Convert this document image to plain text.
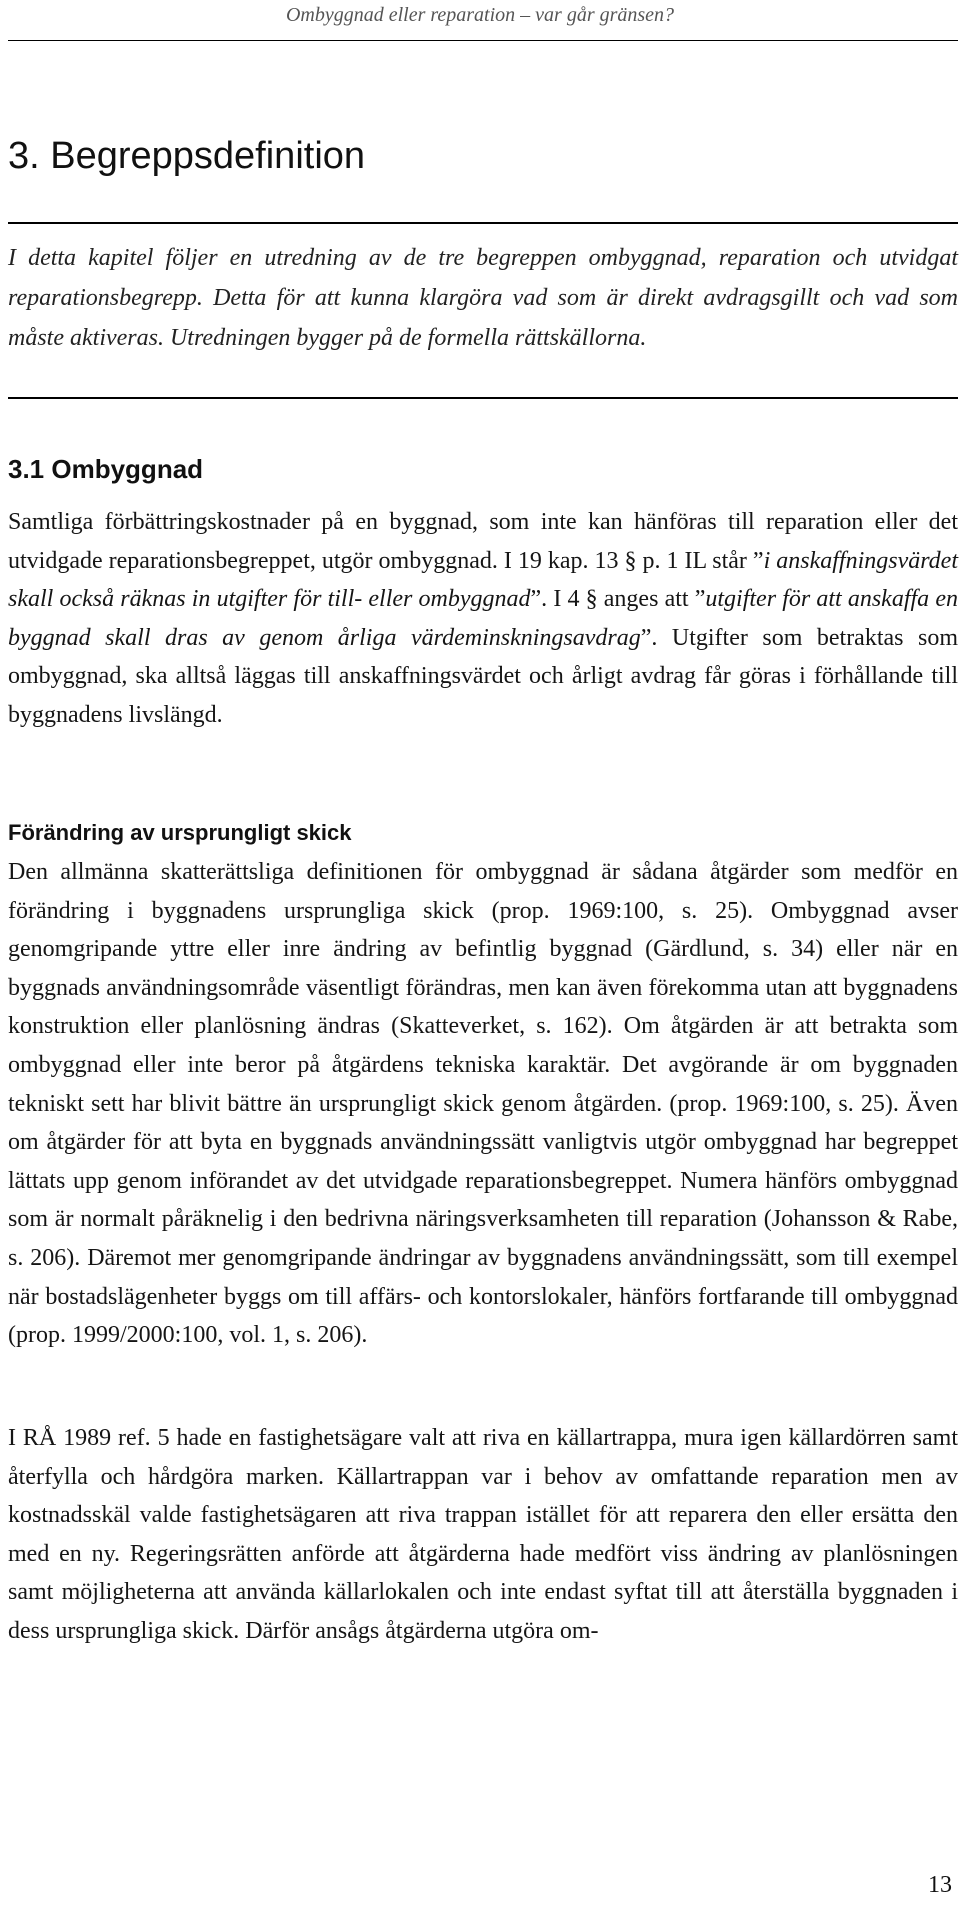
Ombyggnad eller reparation – var går gränsen?
3. Begreppsdefinition

I detta kapitel följer en utredning av de tre begreppen ombyggnad, reparation och utvidgat reparationsbegrepp. Detta för att kunna klargöra vad som är direkt avdragsgillt och vad som måste aktiveras. Utredningen bygger på de formella rättskällorna.

3.1 Ombyggnad

Samtliga förbättringskostnader på en byggnad, som inte kan hänföras till reparation eller det utvidgade reparationsbegreppet, utgör ombyggnad. I 19 kap. 13 § p. 1 IL står ”i anskaffningsvärdet skall också räknas in utgifter för till- eller ombyggnad”. I 4 § anges att ”utgifter för att anskaffa en byggnad skall dras av genom årliga värdeminskningsavdrag”. Utgifter som betraktas som ombyggnad, ska alltså läggas till anskaffningsvärdet och årligt avdrag får göras i förhållande till byggnadens livslängd.

Förändring av ursprungligt skick

Den allmänna skatterättsliga definitionen för ombyggnad är sådana åtgärder som medför en förändring i byggnadens ursprungliga skick (prop. 1969:100, s. 25). Ombyggnad avser genomgripande yttre eller inre ändring av befintlig byggnad (Gärdlund, s. 34) eller när en byggnads användningsområde väsentligt förändras, men kan även förekomma utan att byggnadens konstruktion eller planlösning ändras (Skatteverket, s. 162). Om åtgärden är att betrakta som ombyggnad eller inte beror på åtgärdens tekniska karaktär. Det avgörande är om byggnaden tekniskt sett har blivit bättre än ursprungligt skick genom åtgärden. (prop. 1969:100, s. 25). Även om åtgärder för att byta en byggnads användningssätt vanligtvis utgör ombyggnad har begreppet lättats upp genom införandet av det utvidgade reparationsbegreppet. Numera hänförs ombyggnad som är normalt påräknelig i den bedrivna näringsverksamheten till reparation (Johansson & Rabe, s. 206). Däremot mer genomgripande ändringar av byggnadens användningssätt, som till exempel när bostadslägenheter byggs om till affärs- och kontorslokaler, hänförs fortfarande till ombyggnad (prop. 1999/2000:100, vol. 1, s. 206).

I RÅ 1989 ref. 5 hade en fastighetsägare valt att riva en källartrappa, mura igen källardörren samt återfylla och hårdgöra marken. Källartrappan var i behov av omfattande reparation men av kostnadsskäl valde fastighetsägaren att riva trappan istället för att reparera den eller ersätta den med en ny. Regeringsrätten anförde att åtgärderna hade medfört viss ändring av planlösningen samt möjligheterna att använda källarlokalen och inte endast syftat till att återställa byggnaden i dess ursprungliga skick. Därför ansågs åtgärderna utgöra om-

13
